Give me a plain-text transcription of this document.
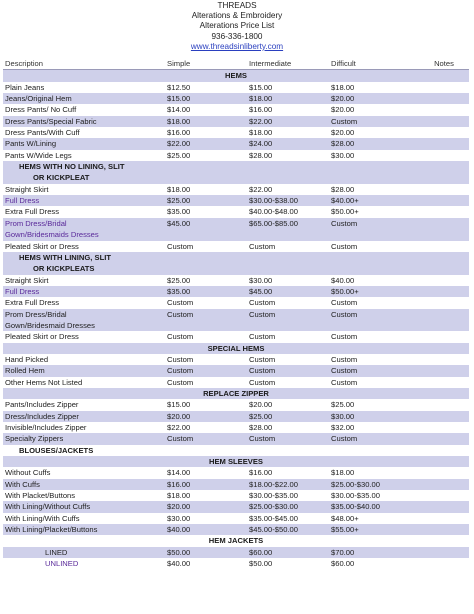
THREADS
Alterations & Embroidery
Alterations Price List
936-336-1800
www.threadsinliberty.com
Description	Simple	Intermediate	Difficult	Notes
HEMS				
Plain Jeans	$12.50	$15.00	$18.00	
Jeans/Original Hem	$15.00	$18.00	$20.00	
Dress Pants/ No Cuff	$14.00	$16.00	$20.00	
Dress Pants/Special Fabric	$18.00	$22.00	Custom	
Dress Pants/With Cuff	$16.00	$18.00	$20.00	
Pants W/Lining	$22.00	$24.00	$28.00	
Pants W/Wide Legs	$25.00	$28.00	$30.00	
HEMS WITH NO LINING, SLIT				
OR KICKPLEAT				
Straight Skirt	$18.00	$22.00	$28.00	
Full Dress	$25.00	$30.00-$38.00	$40.00+	
Extra Full Dress	$35.00	$40.00-$48.00	$50.00+	
Prom Dress/Bridal	$45.00	$65.00-$85.00	Custom	
Gown/Bridesmaids Dresses				
Pleated Skirt or Dress	Custom	Custom	Custom	
HEMS WITH LINING, SLIT				
OR KICKPLEATS				
Straight Skirt	$25.00	$30.00	$40.00	
Full Dress	$35.00	$45.00	$50.00+	
Extra Full Dress	Custom	Custom	Custom	
Prom Dress/Bridal	Custom	Custom	Custom	
Gown/Bridesmaid Dresses				
Pleated Skirt or Dress	Custom	Custom	Custom	
SPECIAL HEMS				
Hand Picked	Custom	Custom	Custom	
Rolled Hem	Custom	Custom	Custom	
Other Hems Not Listed	Custom	Custom	Custom	
REPLACE ZIPPER				
Pants/Includes Zipper	$15.00	$20.00	$25.00	
Dress/Includes Zipper	$20.00	$25.00	$30.00	
Invisible/Includes Zipper	$22.00	$28.00	$32.00	
Specialty Zippers	Custom	Custom	Custom	
BLOUSES/JACKETS				
HEM SLEEVES				
Without Cuffs	$14.00	$16.00	$18.00	
With Cuffs	$16.00	$18.00-$22.00	$25.00-$30.00	
With Placket/Buttons	$18.00	$30.00-$35.00	$30.00-$35.00	
With Lining/Without Cuffs	$20.00	$25.00-$30.00	$35.00-$40.00	
With Lining/With Cuffs	$30.00	$35.00-$45.00	$48.00+	
With Lining/Placket/Buttons	$40.00	$45.00-$50.00	$55.00+	
HEM JACKETS				
LINED	$50.00	$60.00	$70.00	
UNLINED	$40.00	$50.00	$60.00	
